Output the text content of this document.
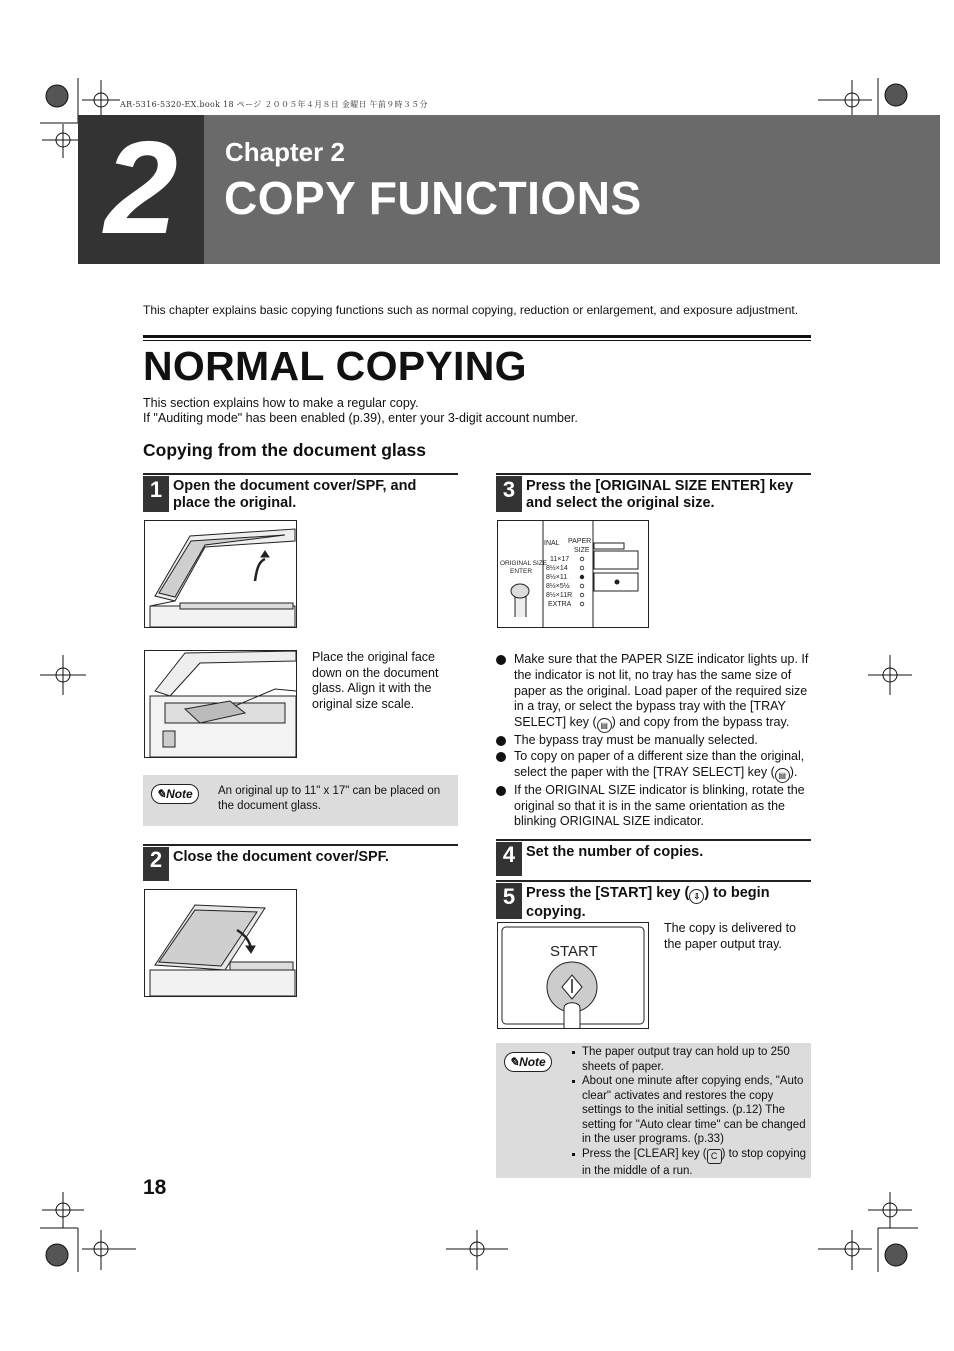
AR-5316-5320-EX.book 18 ページ ２００５年４月８日 金曜日 午前９時３５分
2	Chapter 2
COPY FUNCTIONS
This chapter explains basic copying functions such as normal copying, reduction or enlargement, and exposure adjustment.
NORMAL COPYING
This section explains how to make a regular copy.
If "Auditing mode" has been enabled (p.39), enter your 3-digit account number.
Copying from the document glass
1 Open the document cover/SPF, and place the original.
Place the original face down on the document glass. Align it with the original size scale.
✎Note	An original up to 11" x 17" can be placed on the document glass.
2 Close the document cover/SPF.
3 Press the [ORIGINAL SIZE ENTER] key and select the original size.
INAL PAPER
SIZE
ORIGINAL SIZE
ENTER
11×17
8½×14
8½×11
8½×5½
8½×11R
EXTRA
Make sure that the PAPER SIZE indicator lights up. If the indicator is not lit, no tray has the same size of paper as the original. Load paper of the required size in a tray, or select the bypass tray with the [TRAY SELECT] key ( ▤ ) and copy from the bypass tray.
The bypass tray must be manually selected.
To copy on paper of a different size than the original, select the paper with the [TRAY SELECT] key ( ▤ ).
If the ORIGINAL SIZE indicator is blinking, rotate the original so that it is in the same orientation as the blinking ORIGINAL SIZE indicator.
4 Set the number of copies.
5 Press the [START] key ( ⇩ ) to begin copying.
START
The copy is delivered to the paper output tray.
✎Note
The paper output tray can hold up to 250 sheets of paper.
About one minute after copying ends, "Auto clear" activates and restores the copy settings to the initial settings. (p.12) The setting for "Auto clear time" can be changed in the user programs. (p.33)
Press the [CLEAR] key ( C ) to stop copying in the middle of a run.
18
